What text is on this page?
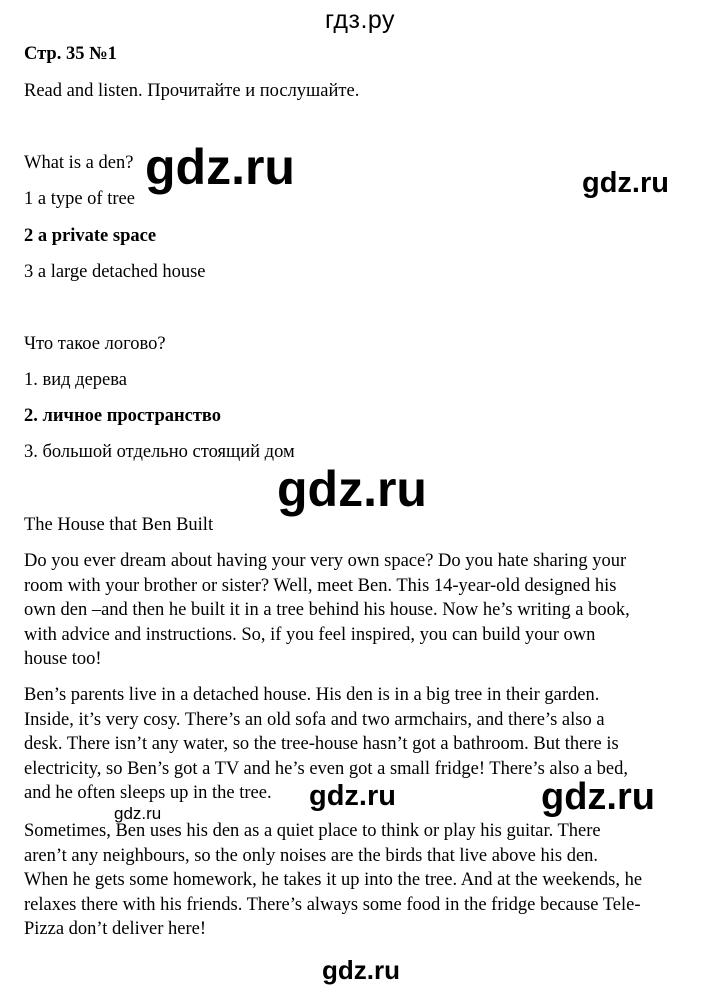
гдз.ру
Стр. 35 №1
Read and listen. Прочитайте и послушайте.
What is a den?
1 a type of tree
2 a private space
3 a large detached house
Что такое логово?
1. вид дерева
2. личное пространство
3. большой отдельно стоящий дом
The House that Ben Built
Do you ever dream about having your very own space? Do you hate sharing your
room with your brother or sister? Well, meet Ben. This 14-year-old designed his
own den –and then he built it in a tree behind his house. Now he’s writing a book,
with advice and instructions. So, if you feel inspired, you can build your own
house too!
Ben’s parents live in a detached house. His den is in a big tree in their garden.
Inside, it’s very cosy. There’s an old sofa and two armchairs, and there’s also a
desk. There isn’t any water, so the tree-house hasn’t got a bathroom. But there is
electricity, so Ben’s got a TV and he’s even got a small fridge! There’s also a bed,
and he often sleeps up in the tree.
Sometimes, Ben uses his den as a quiet place to think or play his guitar. There
aren’t any neighbours, so the only noises are the birds that live above his den.
When he gets some homework, he takes it up into the tree. And at the weekends, he
relaxes there with his friends. There’s always some food in the fridge because Tele-
Pizza don’t deliver here!
gdz.ru	gdz.ru
gdz.ru
gdz.ru
gdz.ru	gdz.ru
gdz.ru
